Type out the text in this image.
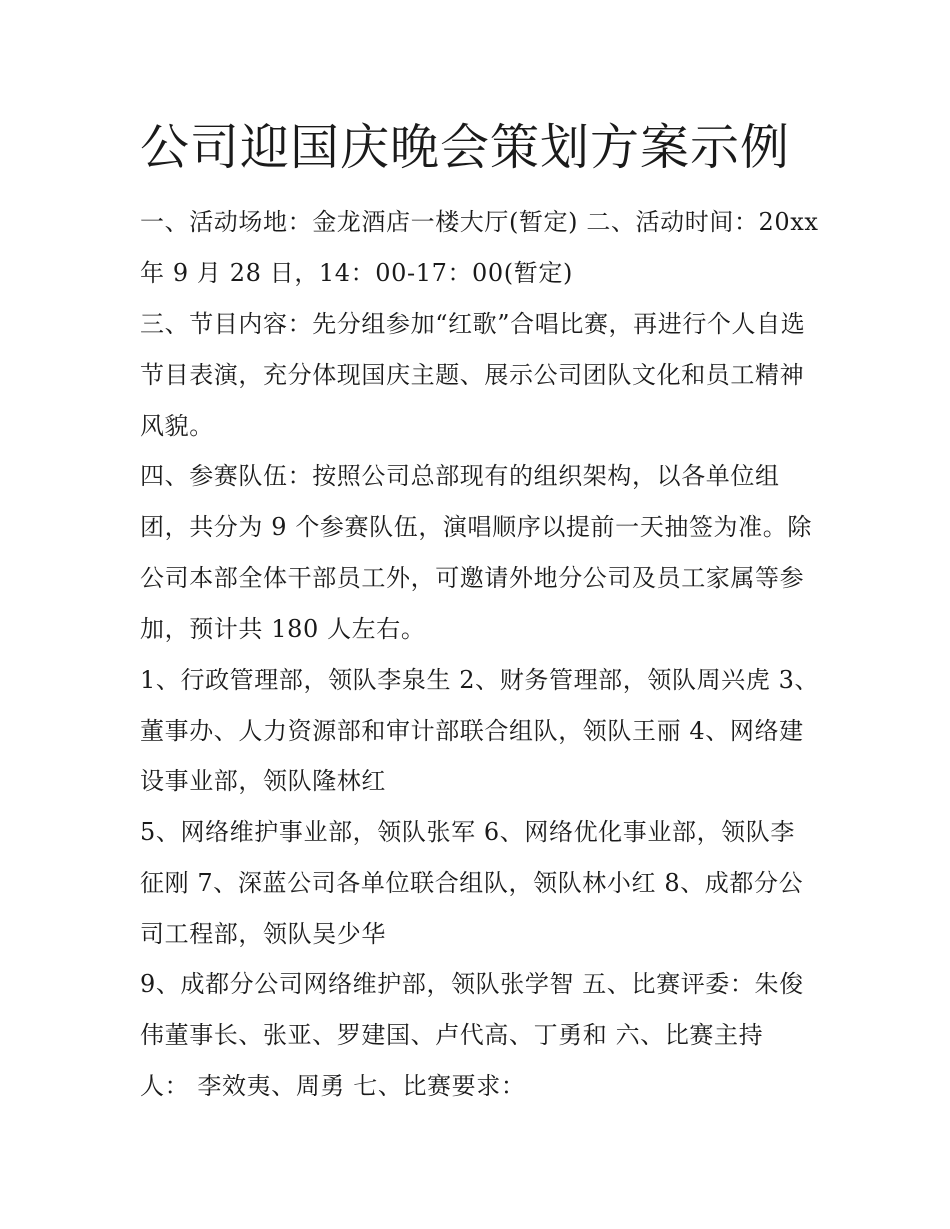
公司迎国庆晚会策划方案示例

一、活动场地：金龙酒店一楼大厅(暂定) 二、活动时间：20xx

年 9 月 28 日，14：00-17：00(暂定)

三、节目内容：先分组参加“红歌”合唱比赛，再进行个人自选

节目表演，充分体现国庆主题、展示公司团队文化和员工精神

风貌。

四、参赛队伍：按照公司总部现有的组织架构，以各单位组

团，共分为 9 个参赛队伍，演唱顺序以提前一天抽签为准。除

公司本部全体干部员工外，可邀请外地分公司及员工家属等参

加，预计共 180 人左右。

1、行政管理部，领队李泉生 2、财务管理部，领队周兴虎 3、

董事办、人力资源部和审计部联合组队，领队王丽 4、网络建

设事业部，领队隆林红

5、网络维护事业部，领队张军 6、网络优化事业部，领队李

征刚 7、深蓝公司各单位联合组队，领队林小红 8、成都分公

司工程部，领队吴少华

9、成都分公司网络维护部，领队张学智 五、比赛评委：朱俊

伟董事长、张亚、罗建国、卢代高、丁勇和 六、比赛主持

人： 李效夷、周勇 七、比赛要求：
